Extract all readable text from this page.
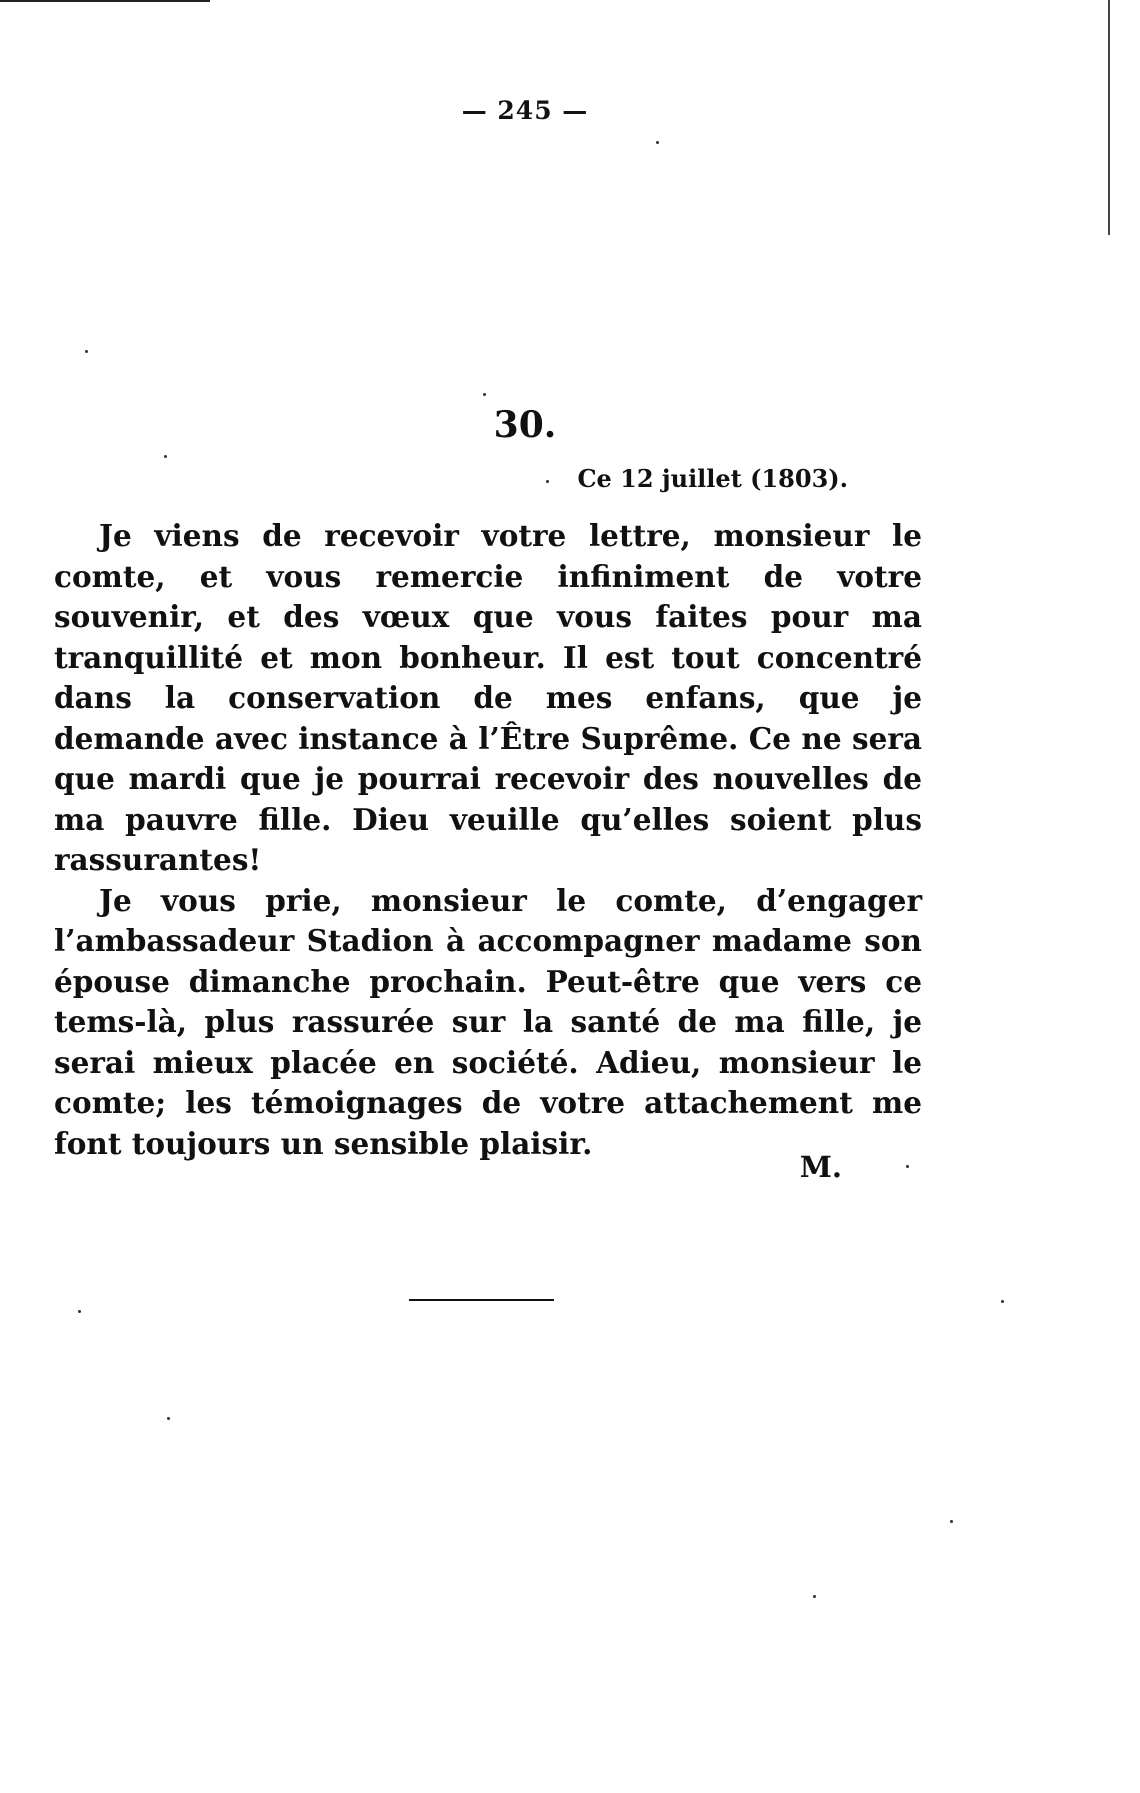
— 245 —
30.
Ce 12 juillet (1803).

Je viens de recevoir votre lettre, monsieur le comte, et vous remercie infiniment de votre souvenir, et des vœux que vous faites pour ma tranquillité et mon bonheur. Il est tout concentré dans la conservation de mes enfans, que je demande avec instance à l’Être Suprême. Ce ne sera que mardi que je pourrai recevoir des nouvelles de ma pauvre fille. Dieu veuille qu’elles soient plus rassurantes!

Je vous prie, monsieur le comte, d’engager l’ambassadeur Stadion à accompagner madame son épouse dimanche prochain. Peut-être que vers ce tems-là, plus rassurée sur la santé de ma fille, je serai mieux placée en société. Adieu, monsieur le comte; les témoignages de votre attachement me font toujours un sensible plaisir.

M.
